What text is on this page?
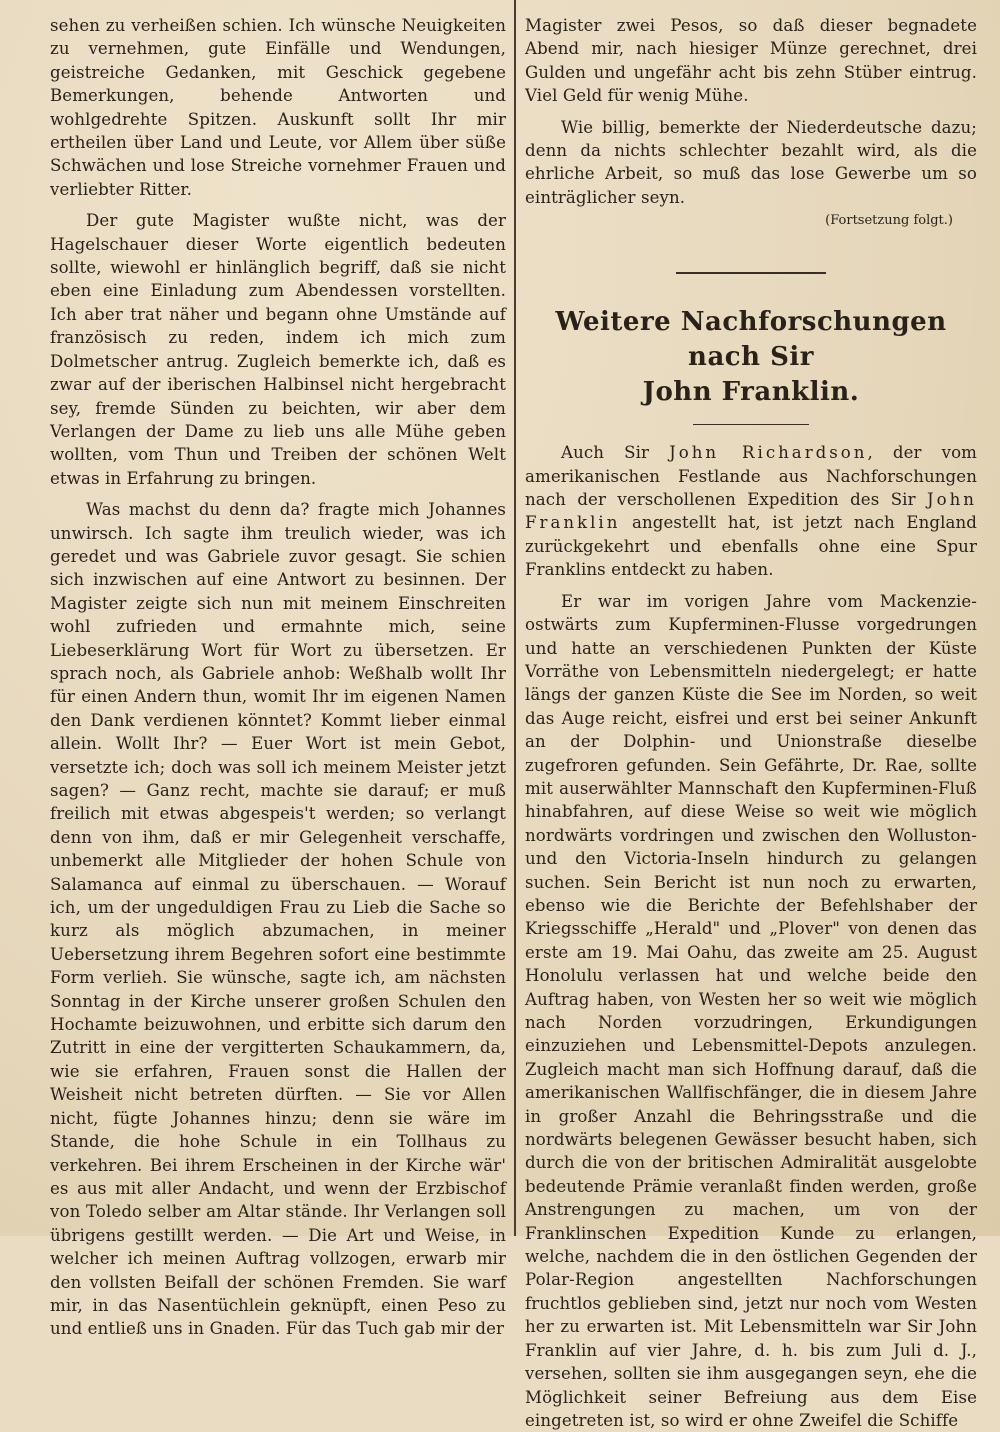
sehen zu verheißen schien. Ich wünsche Neuigkeiten zu vernehmen, gute Einfälle und Wendungen, geistreiche Gedanken, mit Geschick gegebene Bemerkungen, behende Antworten und wohlgedrehte Spitzen. Auskunft sollt Ihr mir ertheilen über Land und Leute, vor Allem über süße Schwächen und lose Streiche vornehmer Frauen und verliebter Ritter.

Der gute Magister wußte nicht, was der Hagelschauer dieser Worte eigentlich bedeuten sollte, wiewohl er hinlänglich begriff, daß sie nicht eben eine Einladung zum Abendessen vorstellten. Ich aber trat näher und begann ohne Umstände auf französisch zu reden, indem ich mich zum Dolmetscher antrug. Zugleich bemerkte ich, daß es zwar auf der iberischen Halbinsel nicht hergebracht sey, fremde Sünden zu beichten, wir aber dem Verlangen der Dame zu lieb uns alle Mühe geben wollten, vom Thun und Treiben der schönen Welt etwas in Erfahrung zu bringen.

Was machst du denn da? fragte mich Johannes unwirsch. Ich sagte ihm treulich wieder, was ich geredet und was Gabriele zuvor gesagt. Sie schien sich inzwischen auf eine Antwort zu besinnen. Der Magister zeigte sich nun mit meinem Einschreiten wohl zufrieden und ermahnte mich, seine Liebeserklärung Wort für Wort zu übersetzen. Er sprach noch, als Gabriele anhob: Weßhalb wollt Ihr für einen Andern thun, womit Ihr im eigenen Namen den Dank verdienen könntet? Kommt lieber einmal allein. Wollt Ihr? — Euer Wort ist mein Gebot, versetzte ich; doch was soll ich meinem Meister jetzt sagen? — Ganz recht, machte sie darauf; er muß freilich mit etwas abgespeis't werden; so verlangt denn von ihm, daß er mir Gelegenheit verschaffe, unbemerkt alle Mitglieder der hohen Schule von Salamanca auf einmal zu überschauen. — Worauf ich, um der ungeduldigen Frau zu Lieb die Sache so kurz als möglich abzumachen, in meiner Uebersetzung ihrem Begehren sofort eine bestimmte Form verlieh. Sie wünsche, sagte ich, am nächsten Sonntag in der Kirche unserer großen Schulen den Hochamte beizuwohnen, und erbitte sich darum den Zutritt in eine der vergitterten Schaukammern, da, wie sie erfahren, Frauen sonst die Hallen der Weisheit nicht betreten dürften. — Sie vor Allen nicht, fügte Johannes hinzu; denn sie wäre im Stande, die hohe Schule in ein Tollhaus zu verkehren. Bei ihrem Erscheinen in der Kirche wär' es aus mit aller Andacht, und wenn der Erzbischof von Toledo selber am Altar stände. Ihr Verlangen soll übrigens gestillt werden. — Die Art und Weise, in welcher ich meinen Auftrag vollzogen, erwarb mir den vollsten Beifall der schönen Fremden. Sie warf mir, in das Nasentüchlein geknüpft, einen Peso zu und entließ uns in Gnaden. Für das Tuch gab mir der

Magister zwei Pesos, so daß dieser begnadete Abend mir, nach hiesiger Münze gerechnet, drei Gulden und ungefähr acht bis zehn Stüber eintrug. Viel Geld für wenig Mühe.

Wie billig, bemerkte der Niederdeutsche dazu; denn da nichts schlechter bezahlt wird, als die ehrliche Arbeit, so muß das lose Gewerbe um so einträglicher seyn.

(Fortsetzung folgt.)
Weitere Nachforschungen nach Sir
John Franklin.

Auch Sir John Richardson, der vom amerikanischen Festlande aus Nachforschungen nach der verschollenen Expedition des Sir John Franklin angestellt hat, ist jetzt nach England zurückgekehrt und ebenfalls ohne eine Spur Franklins entdeckt zu haben.

Er war im vorigen Jahre vom Mackenzie- ostwärts zum Kupferminen-Flusse vorgedrungen und hatte an verschiedenen Punkten der Küste Vorräthe von Lebensmitteln niedergelegt; er hatte längs der ganzen Küste die See im Norden, so weit das Auge reicht, eisfrei und erst bei seiner Ankunft an der Dolphin- und Unionstraße dieselbe zugefroren gefunden. Sein Gefährte, Dr. Rae, sollte mit auserwählter Mannschaft den Kupferminen-Fluß hinabfahren, auf diese Weise so weit wie möglich nordwärts vordringen und zwischen den Wolluston- und den Victoria-Inseln hindurch zu gelangen suchen. Sein Bericht ist nun noch zu erwarten, ebenso wie die Berichte der Befehlshaber der Kriegsschiffe „Herald" und „Plover" von denen das erste am 19. Mai Oahu, das zweite am 25. August Honolulu verlassen hat und welche beide den Auftrag haben, von Westen her so weit wie möglich nach Norden vorzudringen, Erkundigungen einzuziehen und Lebensmittel-Depots anzulegen. Zugleich macht man sich Hoffnung darauf, daß die amerikanischen Wallfischfänger, die in diesem Jahre in großer Anzahl die Behringsstraße und die nordwärts belegenen Gewässer besucht haben, sich durch die von der britischen Admiralität ausgelobte bedeutende Prämie veranlaßt finden werden, große Anstrengungen zu machen, um von der Franklinschen Expedition Kunde zu erlangen, welche, nachdem die in den östlichen Gegenden der Polar-Region angestellten Nachforschungen fruchtlos geblieben sind, jetzt nur noch vom Westen her zu erwarten ist. Mit Lebensmitteln war Sir John Franklin auf vier Jahre, d. h. bis zum Juli d. J., versehen, sollten sie ihm ausgegangen seyn, ehe die Möglichkeit seiner Befreiung aus dem Eise eingetreten ist, so wird er ohne Zweifel die Schiffe
